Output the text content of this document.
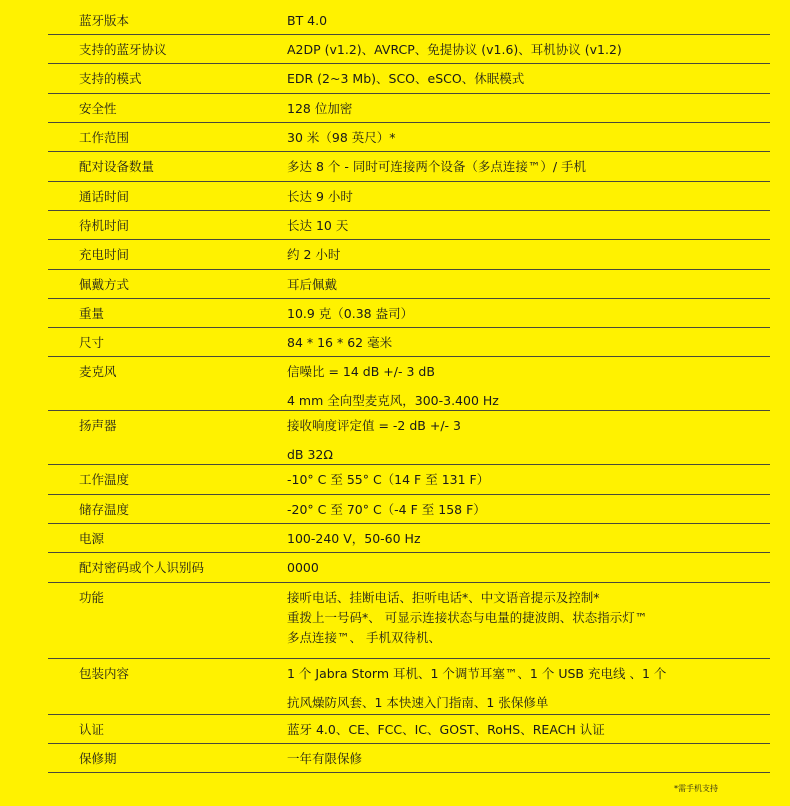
蓝牙版本	BT 4.0
支持的蓝牙协议	A2DP (v1.2)、AVRCP、免提协议 (v1.6)、耳机协议 (v1.2)
支持的模式	EDR (2~3 Mb)、SCO、eSCO、休眠模式
安全性	128 位加密
工作范围	30 米（98 英尺）*
配对设备数量	多达 8 个 - 同时可连接两个设备（多点连接™）/ 手机
通话时间	长达 9 小时
待机时间	长达 10 天
充电时间	约 2 小时
佩戴方式	耳后佩戴
重量	10.9 克（0.38 盎司）
尺寸	84 * 16 * 62 毫米
麦克风	信噪比 = 14 dB +/- 3 dB
4 mm 全向型麦克风，300-3.400 Hz
扬声器	接收响度评定值 = -2 dB +/- 3
dB 32Ω
工作温度	-10° C 至 55° C（14 F 至 131 F）
储存温度	-20° C 至 70° C（-4 F 至 158 F）
电源	100-240 V，50-60 Hz
配对密码或个人识别码	0000
功能	接听电话、挂断电话、拒听电话*、中文语音提示及控制*
重拨上一号码*、 可显示连接状态与电量的捷波朗、状态指示灯™
多点连接™、 手机双待机、
包装内容	1 个 Jabra Storm 耳机、1 个调节耳塞™、1 个 USB 充电线 、1 个
抗风燥防风套、1 本快速入门指南、1 张保修单
认证	蓝牙 4.0、CE、FCC、IC、GOST、RoHS、REACH 认证
保修期	一年有限保修
*需手机支持
